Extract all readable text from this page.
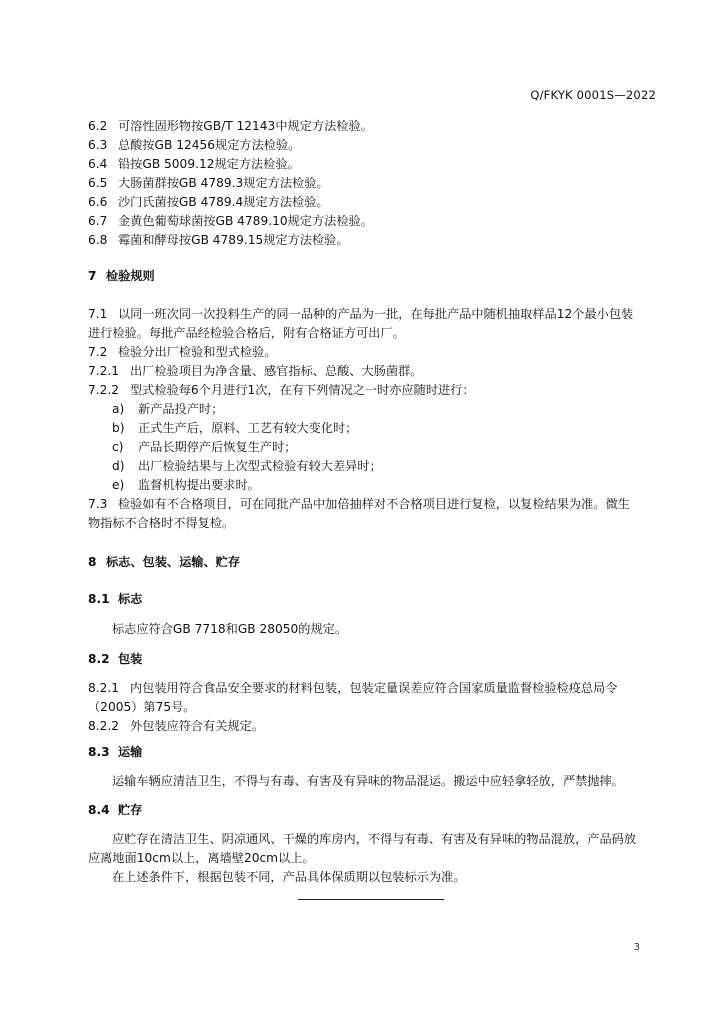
Q/FKYK 0001S—2022
6.2 可溶性固形物按GB/T 12143中规定方法检验。
6.3 总酸按GB 12456规定方法检验。
6.4 铅按GB 5009.12规定方法检验。
6.5 大肠菌群按GB 4789.3规定方法检验。
6.6 沙门氏菌按GB 4789.4规定方法检验。
6.7 金黄色葡萄球菌按GB 4789.10规定方法检验。
6.8 霉菌和酵母按GB 4789.15规定方法检验。
7 检验规则
7.1 以同一班次同一次投料生产的同一品种的产品为一批，在每批产品中随机抽取样品12个最小包装
进行检验。每批产品经检验合格后，附有合格证方可出厂。
7.2 检验分出厂检验和型式检验。
7.2.1 出厂检验项目为净含量、感官指标、总酸、大肠菌群。
7.2.2 型式检验每6个月进行1次，在有下列情况之一时亦应随时进行：
a) 新产品投产时；
b) 正式生产后，原料、工艺有较大变化时；
c) 产品长期停产后恢复生产时；
d) 出厂检验结果与上次型式检验有较大差异时；
e) 监督机构提出要求时。
7.3 检验如有不合格项目，可在同批产品中加倍抽样对不合格项目进行复检，以复检结果为准。微生
物指标不合格时不得复检。
8 标志、包装、运输、贮存
8.1 标志
标志应符合GB 7718和GB 28050的规定。
8.2 包装
8.2.1 内包装用符合食品安全要求的材料包装，包装定量误差应符合国家质量监督检验检疫总局令
（2005）第75号。
8.2.2 外包装应符合有关规定。
8.3 运输
运输车辆应清洁卫生，不得与有毒、有害及有异味的物品混运。搬运中应轻拿轻放，严禁抛摔。
8.4 贮存
应贮存在清洁卫生、阴凉通风、干燥的库房内，不得与有毒、有害及有异味的物品混放，产品码放
应离地面10cm以上，离墙壁20cm以上。
在上述条件下，根据包装不同，产品具体保质期以包装标示为准。
3
